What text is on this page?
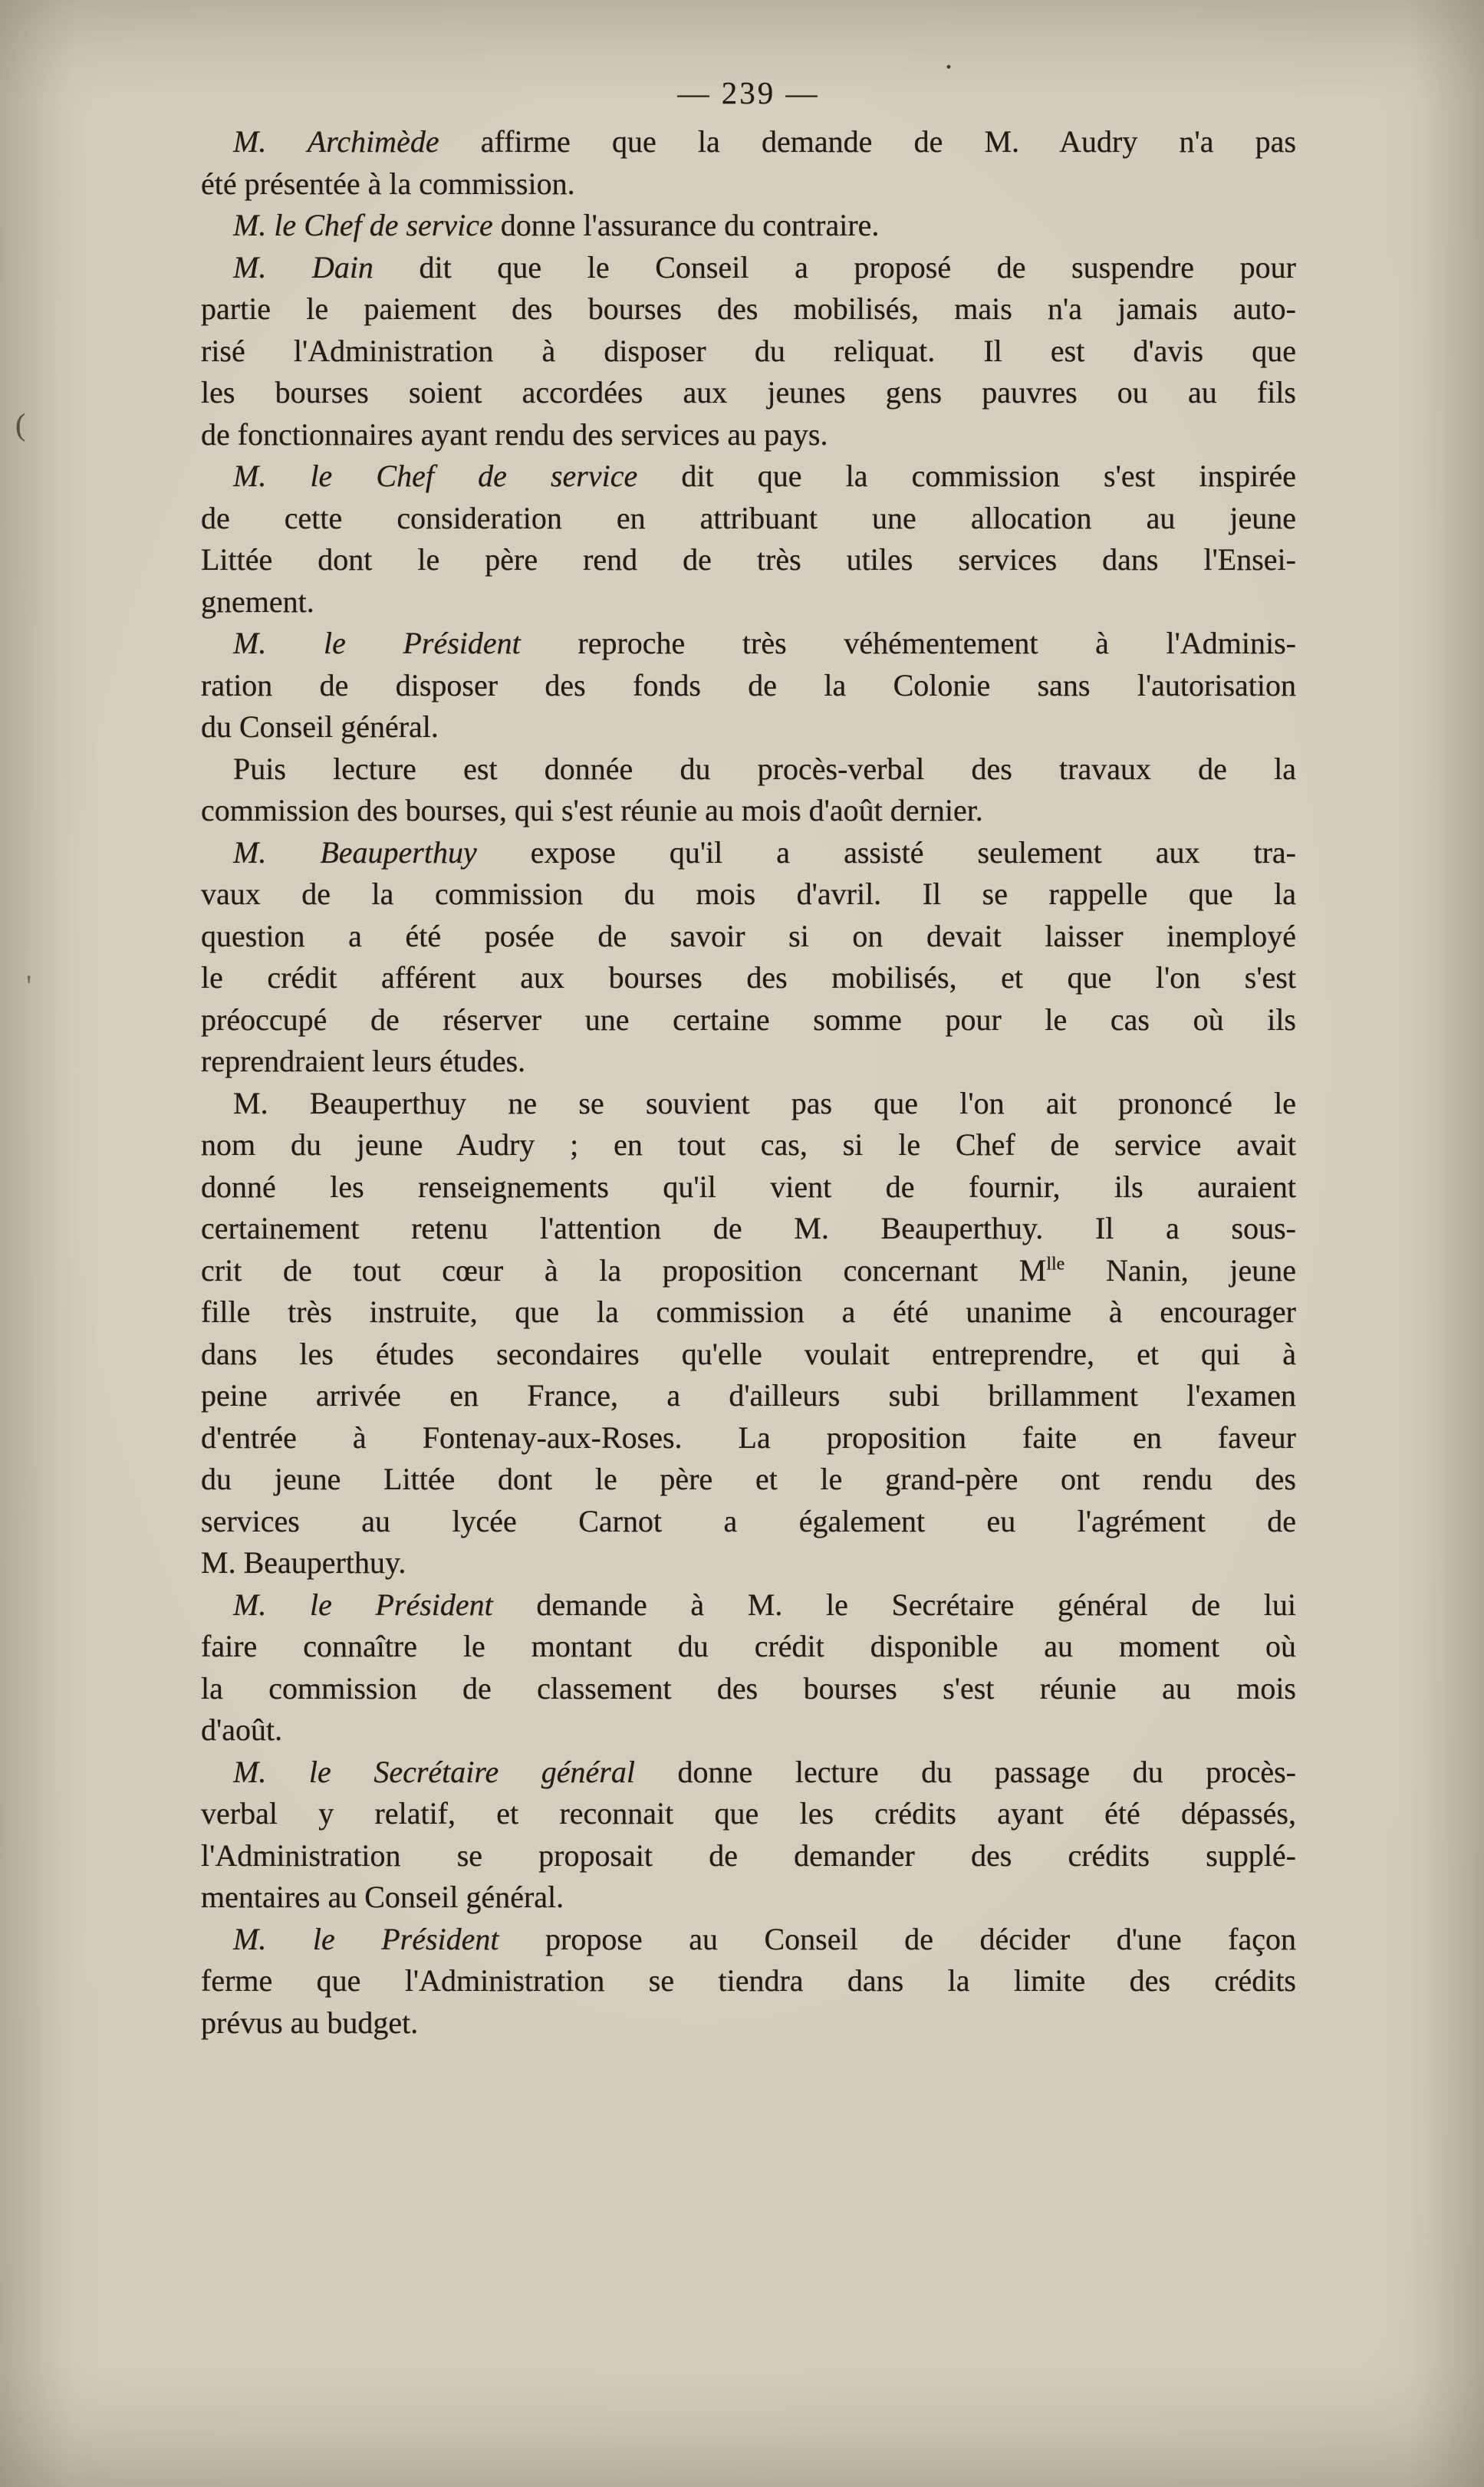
— 239 —
M. Archimède affirme que la demande de M. Audry n'a pas
été présentée à la commission.
M. le Chef de service donne l'assurance du contraire.
M. Dain dit que le Conseil a proposé de suspendre pour
partie le paiement des bourses des mobilisés, mais n'a jamais auto-
risé l'Administration à disposer du reliquat. Il est d'avis que
les bourses soient accordées aux jeunes gens pauvres ou au fils
de fonctionnaires ayant rendu des services au pays.
M. le Chef de service dit que la commission s'est inspirée
de cette consideration en attribuant une allocation au jeune
Littée dont le père rend de très utiles services dans l'Ensei-
gnement.
M. le Président reproche très véhémentement à l'Adminis-
ration de disposer des fonds de la Colonie sans l'autorisation
du Conseil général.
Puis lecture est donnée du procès-verbal des travaux de la
commission des bourses, qui s'est réunie au mois d'août dernier.
M. Beauperthuy expose qu'il a assisté seulement aux tra-
vaux de la commission du mois d'avril. Il se rappelle que la
question a été posée de savoir si on devait laisser inemployé
le crédit afférent aux bourses des mobilisés, et que l'on s'est
préoccupé de réserver une certaine somme pour le cas où ils
reprendraient leurs études.
M. Beauperthuy ne se souvient pas que l'on ait prononcé le
nom du jeune Audry ; en tout cas, si le Chef de service avait
donné les renseignements qu'il vient de fournir, ils auraient
certainement retenu l'attention de M. Beauperthuy. Il a sous-
crit de tout cœur à la proposition concernant $M^{lle}$ Nanin, jeune
fille très instruite, que la commission a été unanime à encourager
dans les études secondaires qu'elle voulait entreprendre, et qui à
peine arrivée en France, a d'ailleurs subi brillamment l'examen
d'entrée à Fontenay-aux-Roses. La proposition faite en faveur
du jeune Littée dont le père et le grand-père ont rendu des
services au lycée Carnot a également eu l'agrément de
M. Beauperthuy.
M. le Président demande à M. le Secrétaire général de lui
faire connaître le montant du crédit disponible au moment où
la commission de classement des bourses s'est réunie au mois
d'août.
M. le Secrétaire général donne lecture du passage du procès-
verbal y relatif, et reconnait que les crédits ayant été dépassés,
l'Administration se proposait de demander des crédits supplé-
mentaires au Conseil général.
M. le Président propose au Conseil de décider d'une façon
ferme que l'Administration se tiendra dans la limite des crédits
prévus au budget.
(
'
.
